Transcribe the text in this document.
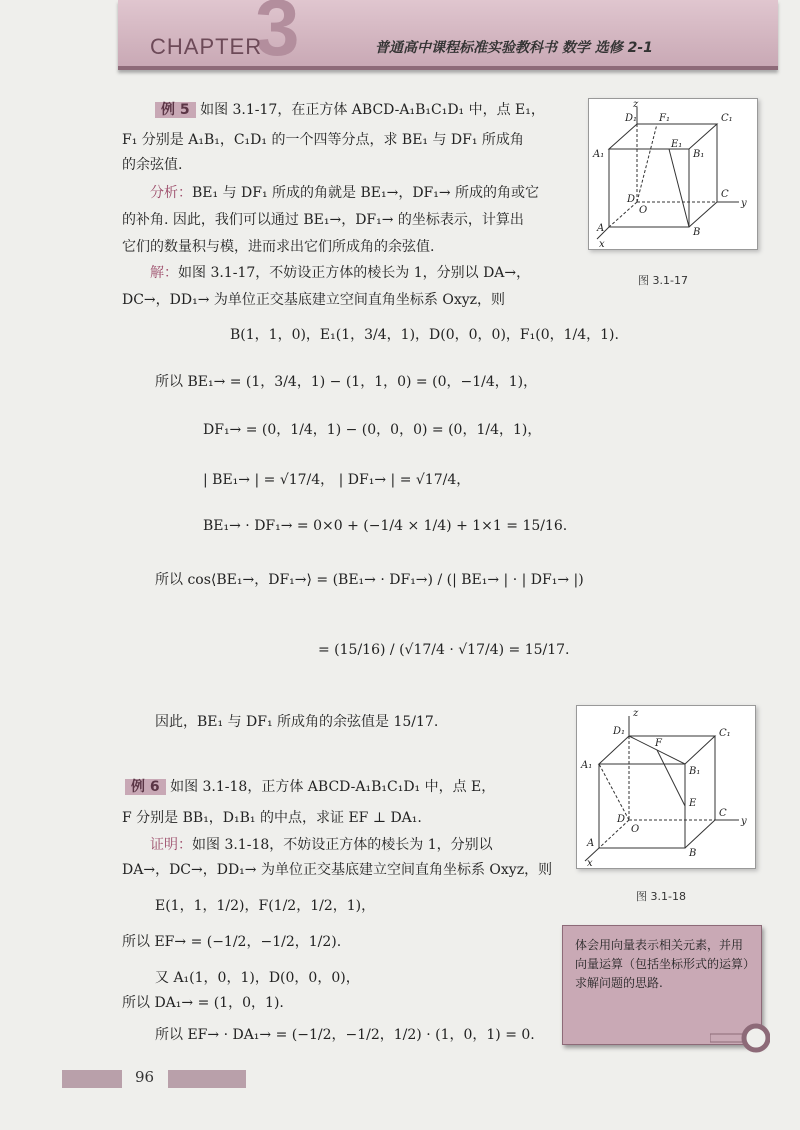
3
CHAPTER	普通高中课程标准实验教科书 数学 选修 2-1
例 5 如图 3.1-17，在正方体 ABCD-A₁B₁C₁D₁ 中，点 E₁，
F₁ 分别是 A₁B₁，C₁D₁ 的一个四等分点，求 BE₁ 与 DF₁ 所成角
的余弦值.
分析：BE₁ 与 DF₁ 所成的角就是 BE₁→，DF₁→ 所成的角或它
的补角. 因此，我们可以通过 BE₁→，DF₁→ 的坐标表示，计算出
它们的数量积与模，进而求出它们所成角的余弦值.
解：如图 3.1-17，不妨设正方体的棱长为 1，分别以 DA→，
DC→，DD₁→ 为单位正交基底建立空间直角坐标系 Oxyz，则
B(1，1，0)，E₁(1，3/4，1)，D(0，0，0)，F₁(0，1/4，1).
所以 BE₁→ = (1，3/4，1) − (1，1，0) = (0，−1/4，1)，
DF₁→ = (0，1/4，1) − (0，0，0) = (0，1/4，1)，
| BE₁→ | = √17/4， | DF₁→ | = √17/4，
BE₁→ · DF₁→ = 0×0 + (−1/4 × 1/4) + 1×1 = 15/16.
所以 cos⟨BE₁→，DF₁→⟩ = (BE₁→ · DF₁→) / (| BE₁→ | · | DF₁→ |)
= (15/16) / (√17/4 · √17/4) = 15/17.
因此，BE₁ 与 DF₁ 所成角的余弦值是 15/17.
z
y
x
D₁ F₁	C₁
A₁
E₁
B₁
D
O
C
A	B
图 3.1-17
例 6 如图 3.1-18，正方体 ABCD-A₁B₁C₁D₁ 中，点 E，
F 分别是 BB₁，D₁B₁ 的中点，求证 EF ⊥ DA₁.
证明：如图 3.1-18，不妨设正方体的棱长为 1，分别以
DA→，DC→，DD₁→ 为单位正交基底建立空间直角坐标系 Oxyz，则
E(1，1，1/2)，F(1/2，1/2，1)，
所以 EF→ = (−1/2，−1/2，1/2).
又 A₁(1，0，1)，D(0，0，0)，
所以 DA₁→ = (1，0，1).
所以 EF→ · DA₁→ = (−1/2，−1/2，1/2) · (1，0，1) = 0.
z
y
x
D₁
F
C₁
A₁
B₁
E
D
O
C
A
B
图 3.1-18
体会用向量表示相关元素，并用向量运算（包括坐标形式的运算）求解问题的思路.
96
